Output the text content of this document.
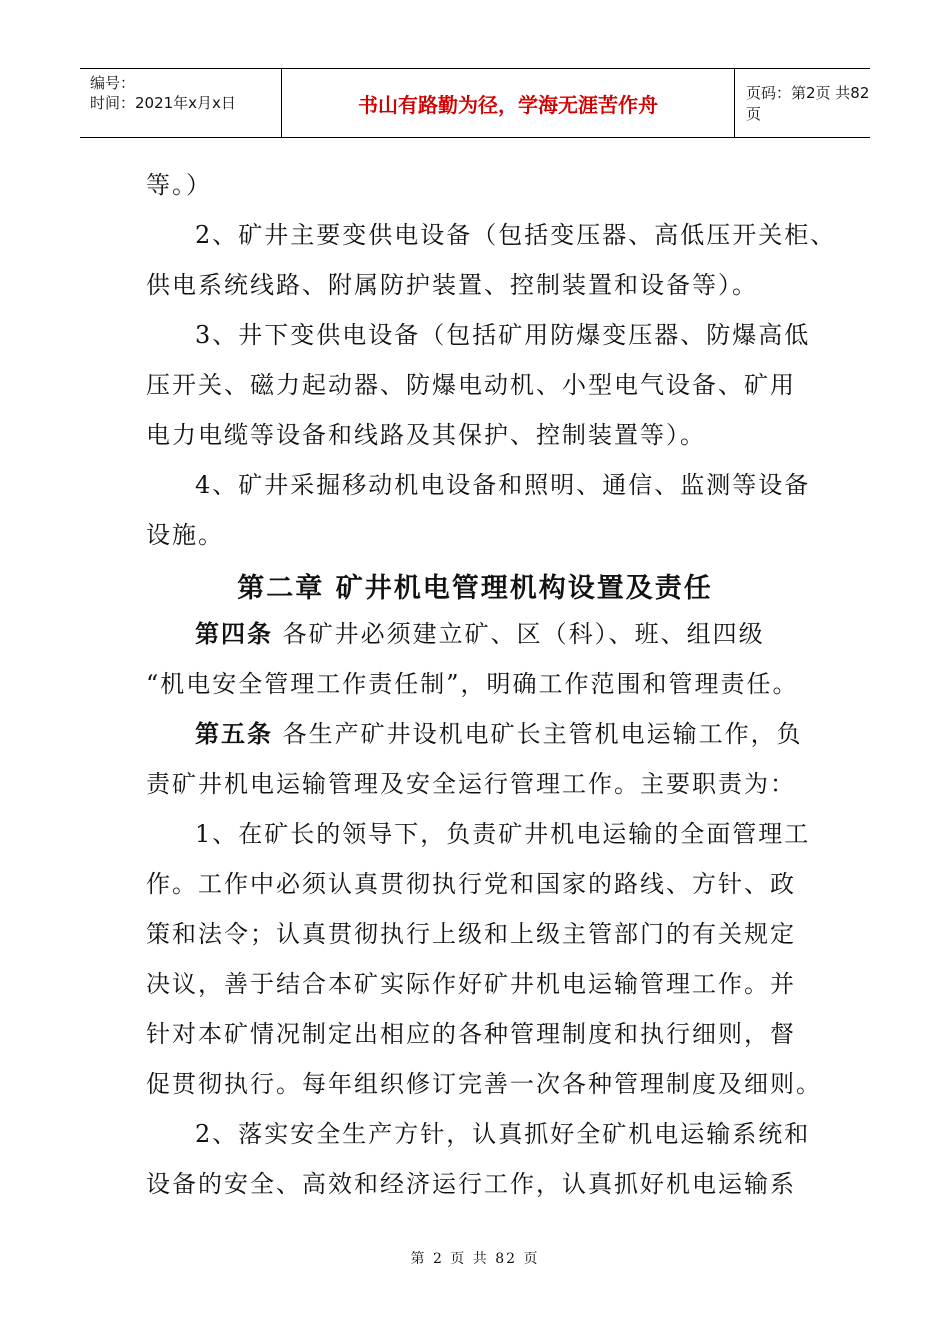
编号：
时间：2021年x月x日	书山有路勤为径，学海无涯苦作舟	页码：第2页 共82页
等。）
2、矿井主要变供电设备（包括变压器、高低压开关柜、
供电系统线路、附属防护装置、控制装置和设备等）。
3、井下变供电设备（包括矿用防爆变压器、防爆高低
压开关、磁力起动器、防爆电动机、小型电气设备、矿用
电力电缆等设备和线路及其保护、控制装置等）。
4、矿井采掘移动机电设备和照明、通信、监测等设备
设施。
第二章 矿井机电管理机构设置及责任
第四条 各矿井必须建立矿、区（科）、班、组四级
“机电安全管理工作责任制”，明确工作范围和管理责任。
第五条 各生产矿井设机电矿长主管机电运输工作，负
责矿井机电运输管理及安全运行管理工作。主要职责为：
1、在矿长的领导下，负责矿井机电运输的全面管理工
作。工作中必须认真贯彻执行党和国家的路线、方针、政
策和法令；认真贯彻执行上级和上级主管部门的有关规定
决议，善于结合本矿实际作好矿井机电运输管理工作。并
针对本矿情况制定出相应的各种管理制度和执行细则，督
促贯彻执行。每年组织修订完善一次各种管理制度及细则。
2、落实安全生产方针，认真抓好全矿机电运输系统和
设备的安全、高效和经济运行工作，认真抓好机电运输系
第 2 页 共 82 页
